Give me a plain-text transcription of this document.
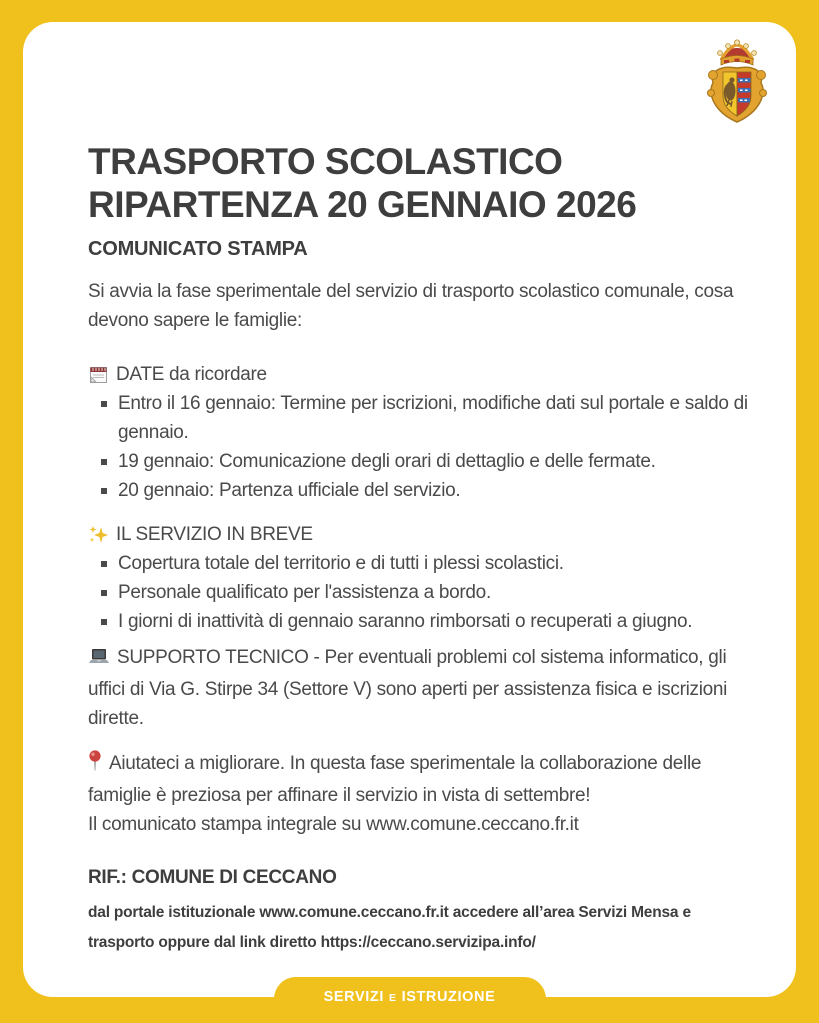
TRASPORTO SCOLASTICO
RIPARTENZA 20 GENNAIO 2026
COMUNICATO STAMPA

Si avvia la fase sperimentale del servizio di trasporto scolastico comunale, cosa devono sapere le famiglie:

DATE da ricordare
Entro il 16 gennaio: Termine per iscrizioni, modifiche dati sul portale e saldo di gennaio.
19 gennaio: Comunicazione degli orari di dettaglio e delle fermate.
20 gennaio: Partenza ufficiale del servizio.
IL SERVIZIO IN BREVE
Copertura totale del territorio e di tutti i plessi scolastici.
Personale qualificato per l'assistenza a bordo.
I giorni di inattività di gennaio saranno rimborsati o recuperati a giugno.

SUPPORTO TECNICO - Per eventuali problemi col sistema informatico, gli uffici di Via G. Stirpe 34 (Settore V) sono aperti per assistenza fisica e iscrizioni dirette.

Aiutateci a migliorare. In questa fase sperimentale la collaborazione delle famiglie è preziosa per affinare il servizio in vista di settembre!
Il comunicato stampa integrale su www.comune.ceccano.fr.it

RIF.: COMUNE DI CECCANO
dal portale istituzionale www.comune.ceccano.fr.it accedere all’area Servizi Mensa e trasporto oppure dal link diretto https://ceccano.servizipa.info/
SERVIZI E ISTRUZIONE
